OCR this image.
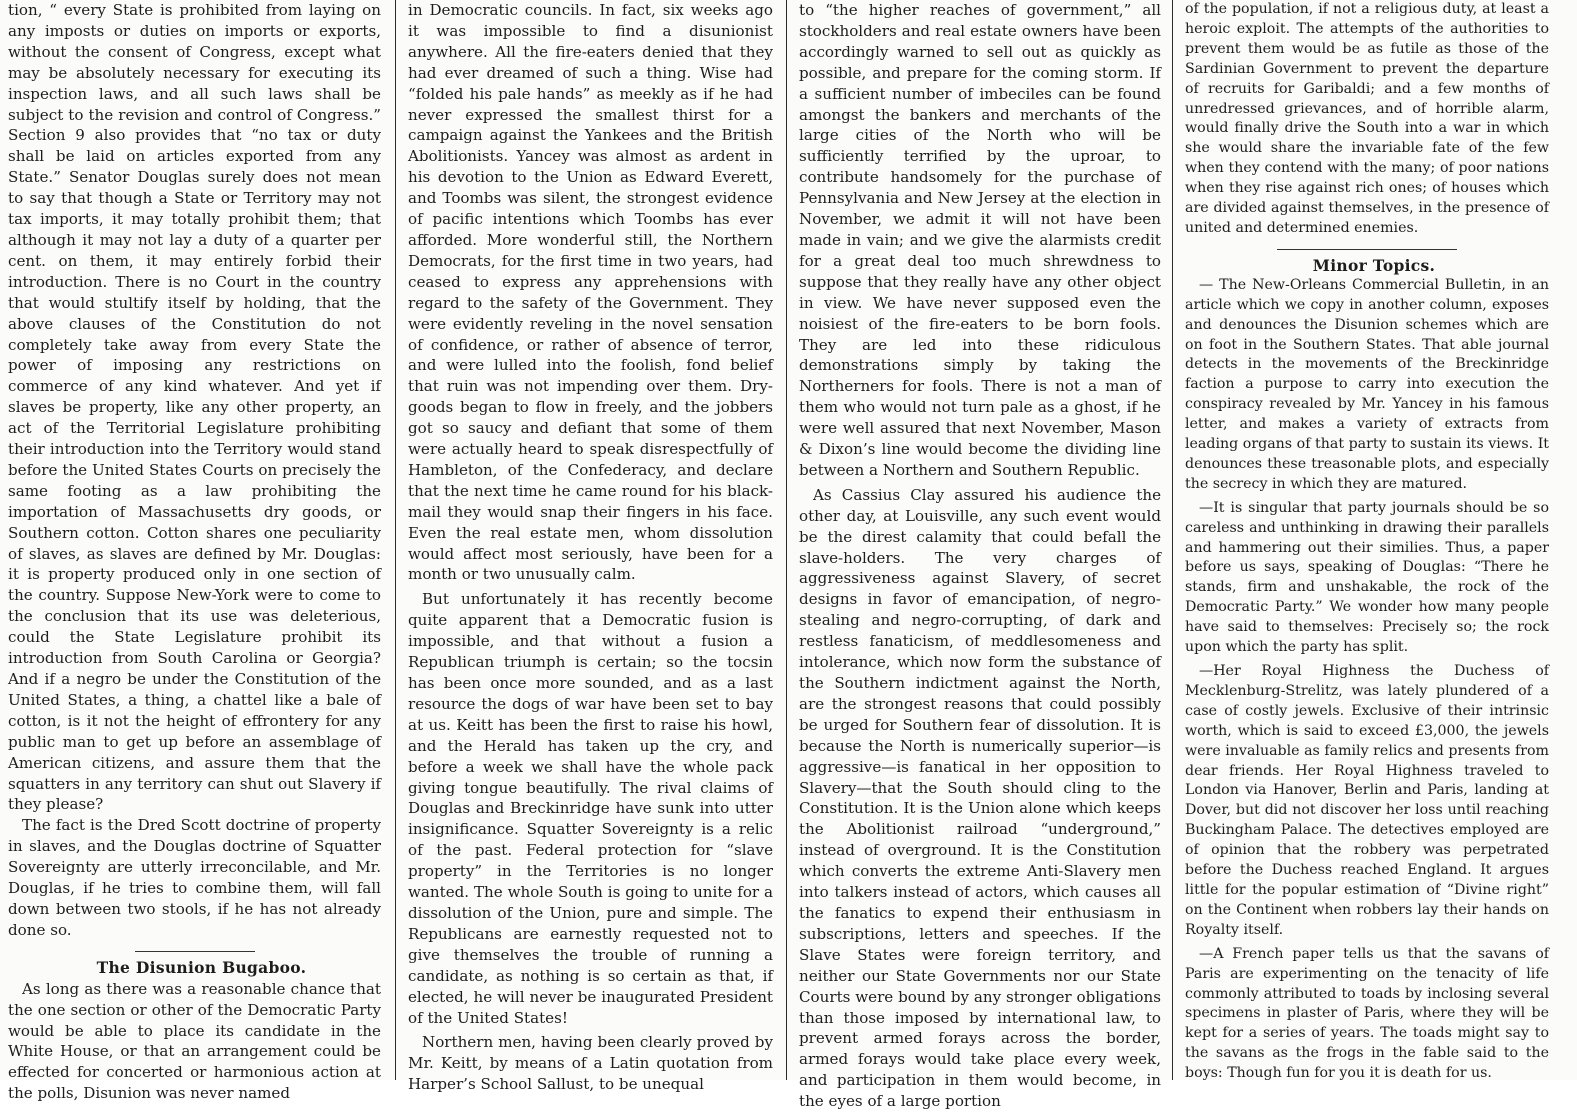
tion, “ every State is prohibited from laying on any imposts or duties on imports or exports, without the consent of Congress, except what may be absolutely necessary for executing its inspection laws, and all such laws shall be subject to the revision and control of Congress.” Section 9 also provides that “no tax or duty shall be laid on articles exported from any State.” Senator Douglas surely does not mean to say that though a State or Territory may not tax imports, it may totally prohibit them; that although it may not lay a duty of a quarter per cent. on them, it may entirely forbid their introduction. There is no Court in the country that would stultify itself by holding, that the above clauses of the Constitution do not completely take away from every State the power of imposing any restrictions on commerce of any kind whatever. And yet if slaves be property, like any other property, an act of the Territorial Legislature prohibiting their introduction into the Territory would stand before the United States Courts on precisely the same footing as a law prohibiting the importation of Massachusetts dry goods, or Southern cotton. Cotton shares one peculiarity of slaves, as slaves are defined by Mr. Douglas: it is property produced only in one section of the country. Suppose New-York were to come to the conclusion that its use was deleterious, could the State Legislature prohibit its introduction from South Carolina or Georgia? And if a negro be under the Constitution of the United States, a thing, a chattel like a bale of cotton, is it not the height of effrontery for any public man to get up before an assemblage of American citizens, and assure them that the squatters in any territory can shut out Slavery if they please?

The fact is the Dred Scott doctrine of property in slaves, and the Douglas doctrine of Squatter Sovereignty are utterly irreconcilable, and Mr. Douglas, if he tries to combine them, will fall down between two stools, if he has not already done so.

The Disunion Bugaboo.

As long as there was a reasonable chance that the one section or other of the Democratic Party would be able to place its candidate in the White House, or that an arrangement could be effected for concerted or harmonious action at the polls, Disunion was never named

in Democratic councils. In fact, six weeks ago it was impossible to find a disunionist anywhere. All the fire-eaters denied that they had ever dreamed of such a thing. Wise had “folded his pale hands” as meekly as if he had never expressed the smallest thirst for a campaign against the Yankees and the British Abolitionists. Yancey was almost as ardent in his devotion to the Union as Edward Everett, and Toombs was silent, the strongest evidence of pacific intentions which Toombs has ever afforded. More wonderful still, the Northern Democrats, for the first time in two years, had ceased to express any apprehensions with regard to the safety of the Government. They were evidently reveling in the novel sensation of confidence, or rather of absence of terror, and were lulled into the foolish, fond belief that ruin was not impending over them. Dry-goods began to flow in freely, and the jobbers got so saucy and defiant that some of them were actually heard to speak disrespectfully of Hambleton, of the Confederacy, and declare that the next time he came round for his black-mail they would snap their fingers in his face. Even the real estate men, whom dissolution would affect most seriously, have been for a month or two unusually calm.

But unfortunately it has recently become quite apparent that a Democratic fusion is impossible, and that without a fusion a Republican triumph is certain; so the tocsin has been once more sounded, and as a last resource the dogs of war have been set to bay at us. Keitt has been the first to raise his howl, and the Herald has taken up the cry, and before a week we shall have the whole pack giving tongue beautifully. The rival claims of Douglas and Breckinridge have sunk into utter insignificance. Squatter Sovereignty is a relic of the past. Federal protection for “slave property” in the Territories is no longer wanted. The whole South is going to unite for a dissolution of the Union, pure and simple. The Republicans are earnestly requested not to give themselves the trouble of running a candidate, as nothing is so certain as that, if elected, he will never be inaugurated President of the United States!

Northern men, having been clearly proved by Mr. Keitt, by means of a Latin quotation from Harper’s School Sallust, to be unequal

to “the higher reaches of government,” all stockholders and real estate owners have been accordingly warned to sell out as quickly as possible, and prepare for the coming storm. If a sufficient number of imbeciles can be found amongst the bankers and merchants of the large cities of the North who will be sufficiently terrified by the uproar, to contribute handsomely for the purchase of Pennsylvania and New Jersey at the election in November, we admit it will not have been made in vain; and we give the alarmists credit for a great deal too much shrewdness to suppose that they really have any other object in view. We have never supposed even the noisiest of the fire-eaters to be born fools. They are led into these ridiculous demonstrations simply by taking the Northerners for fools. There is not a man of them who would not turn pale as a ghost, if he were well assured that next November, Mason & Dixon’s line would become the dividing line between a Northern and Southern Republic.

As Cassius Clay assured his audience the other day, at Louisville, any such event would be the direst calamity that could befall the slave-holders. The very charges of aggressiveness against Slavery, of secret designs in favor of emancipation, of negro-stealing and negro-corrupting, of dark and restless fanaticism, of meddlesomeness and intolerance, which now form the substance of the Southern indictment against the North, are the strongest reasons that could possibly be urged for Southern fear of dissolution. It is because the North is numerically superior—is aggressive—is fanatical in her opposition to Slavery—that the South should cling to the Constitution. It is the Union alone which keeps the Abolitionist railroad “underground,” instead of overground. It is the Constitution which converts the extreme Anti-Slavery men into talkers instead of actors, which causes all the fanatics to expend their enthusiasm in subscriptions, letters and speeches. If the Slave States were foreign territory, and neither our State Governments nor our State Courts were bound by any stronger obligations than those imposed by international law, to prevent armed forays across the border, armed forays would take place every week, and participation in them would become, in the eyes of a large portion

of the population, if not a religious duty, at least a heroic exploit. The attempts of the authorities to prevent them would be as futile as those of the Sardinian Government to prevent the departure of recruits for Garibaldi; and a few months of unredressed grievances, and of horrible alarm, would finally drive the South into a war in which she would share the invariable fate of the few when they contend with the many; of poor nations when they rise against rich ones; of houses which are divided against themselves, in the presence of united and determined enemies.

Minor Topics.

— The New-Orleans Commercial Bulletin, in an article which we copy in another column, exposes and denounces the Disunion schemes which are on foot in the Southern States. That able journal detects in the movements of the Breckinridge faction a purpose to carry into execution the conspiracy revealed by Mr. Yancey in his famous letter, and makes a variety of extracts from leading organs of that party to sustain its views. It denounces these treasonable plots, and especially the secrecy in which they are matured.

—It is singular that party journals should be so careless and unthinking in drawing their parallels and hammering out their similies. Thus, a paper before us says, speaking of Douglas: “There he stands, firm and unshakable, the rock of the Democratic Party.” We wonder how many people have said to themselves: Precisely so; the rock upon which the party has split.

—Her Royal Highness the Duchess of Mecklenburg-Strelitz, was lately plundered of a case of costly jewels. Exclusive of their intrinsic worth, which is said to exceed £3,000, the jewels were invaluable as family relics and presents from dear friends. Her Royal Highness traveled to London via Hanover, Berlin and Paris, landing at Dover, but did not discover her loss until reaching Buckingham Palace. The detectives employed are of opinion that the robbery was perpetrated before the Duchess reached England. It argues little for the popular estimation of “Divine right” on the Continent when robbers lay their hands on Royalty itself.

—A French paper tells us that the savans of Paris are experimenting on the tenacity of life commonly attributed to toads by inclosing several specimens in plaster of Paris, where they will be kept for a series of years. The toads might say to the savans as the frogs in the fable said to the boys: Though fun for you it is death for us.
